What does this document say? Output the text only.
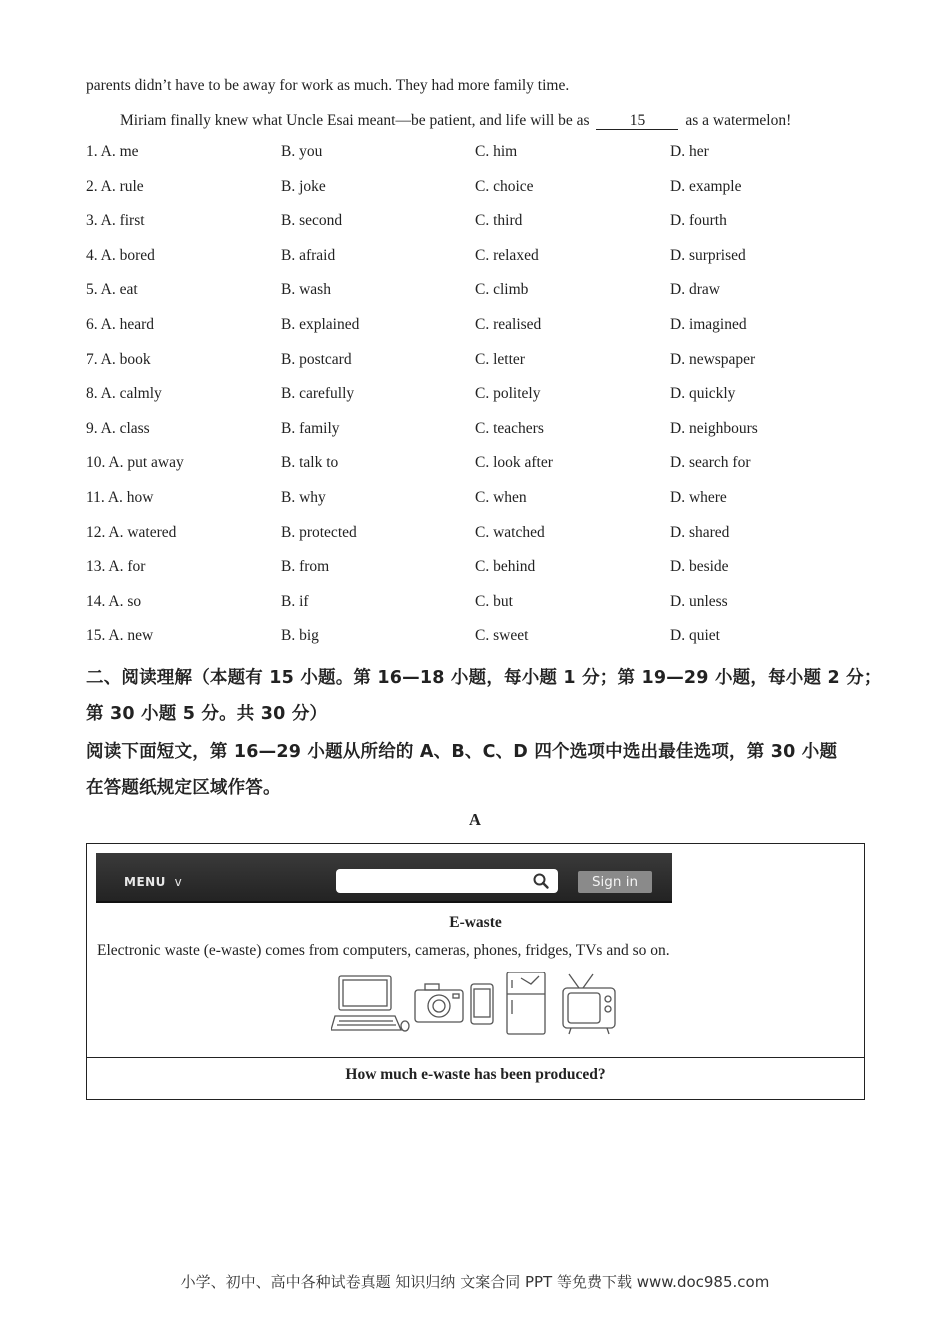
parents didn’t have to be away for work as much. They had more family time.
Miriam finally knew what Uncle Esai meant—be patient, and life will be as	15	as a watermelon!
1. A. me	B. you	C. him	D. her
2. A. rule	B. joke	C. choice	D. example
3. A. first	B. second	C. third	D. fourth
4. A. bored	B. afraid	C. relaxed	D. surprised
5. A. eat	B. wash	C. climb	D. draw
6. A. heard	B. explained	C. realised	D. imagined
7. A. book	B. postcard	C. letter	D. newspaper
8. A. calmly	B. carefully	C. politely	D. quickly
9. A. class	B. family	C. teachers	D. neighbours
10. A. put away	B. talk to	C. look after	D. search for
11. A. how	B. why	C. when	D. where
12. A. watered	B. protected	C. watched	D. shared
13. A. for	B. from	C. behind	D. beside
14. A. so	B. if	C. but	D. unless
15. A. new	B. big	C. sweet	D. quiet
二、阅读理解（本题有 15 小题。第 16—18 小题，每小题 1 分；第 19—29 小题，每小题 2 分；
第 30 小题 5 分。共 30 分）
阅读下面短文，第 16—29 小题从所给的 A、B、C、D 四个选项中选出最佳选项，第 30 小题
在答题纸规定区域作答。
A
MENU v	Sign in
E-waste
Electronic waste (e-waste) comes from computers, cameras, phones, fridges, TVs and so on.
How much e-waste has been produced?
小学、初中、高中各种试卷真题 知识归纳 文案合同 PPT 等免费下载 www.doc985.com
